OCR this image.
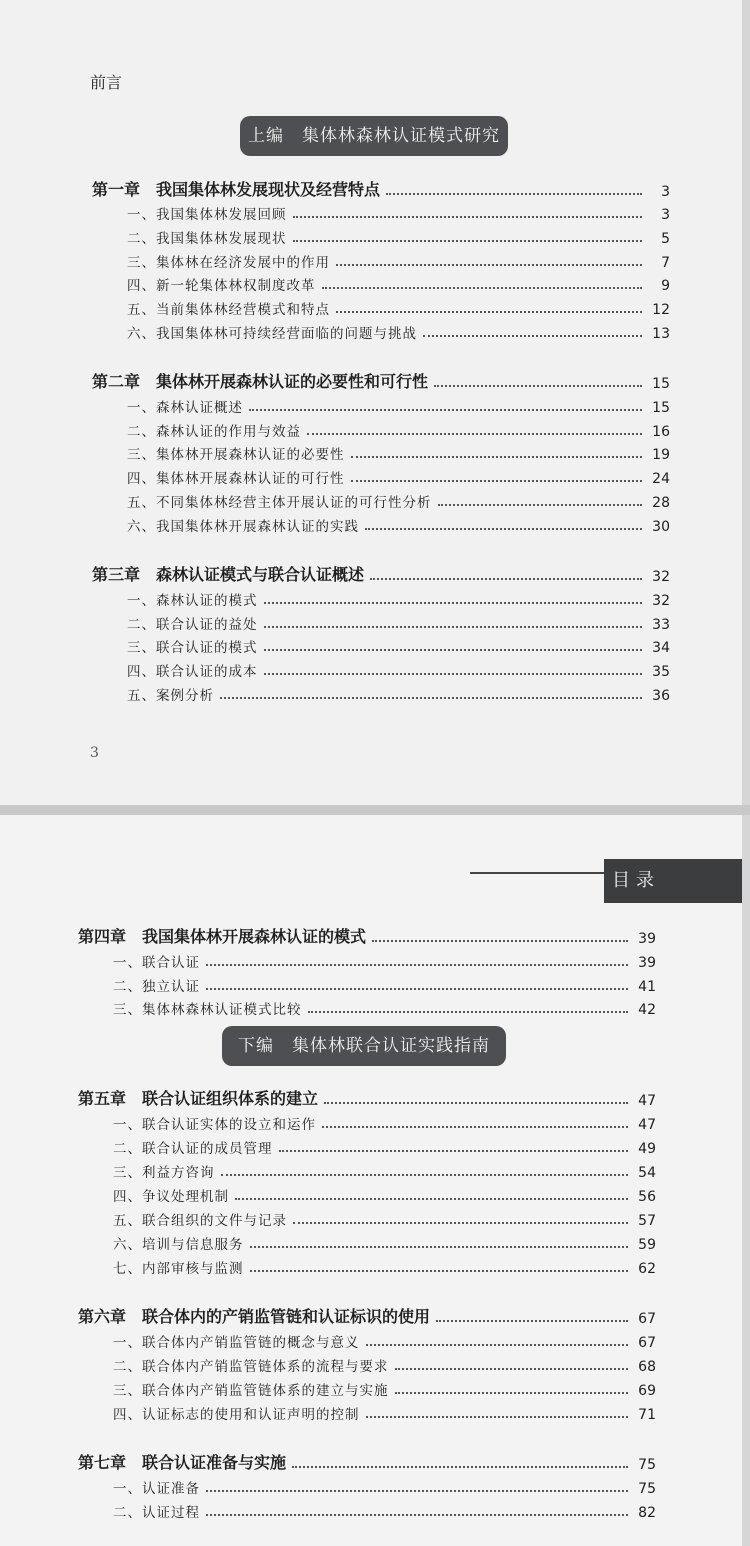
前言
上编 集体林森林认证模式研究
第一章　我国集体林发展现状及经营特点	3
一、我国集体林发展回顾	3
二、我国集体林发展现状	5
三、集体林在经济发展中的作用	7
四、新一轮集体林权制度改革	9
五、当前集体林经营模式和特点	12
六、我国集体林可持续经营面临的问题与挑战	13
第二章　集体林开展森林认证的必要性和可行性	15
一、森林认证概述	15
二、森林认证的作用与效益	16
三、集体林开展森林认证的必要性	19
四、集体林开展森林认证的可行性	24
五、不同集体林经营主体开展认证的可行性分析	28
六、我国集体林开展森林认证的实践	30
第三章　森林认证模式与联合认证概述	32
一、森林认证的模式	32
二、联合认证的益处	33
三、联合认证的模式	34
四、联合认证的成本	35
五、案例分析	36
3
目录
第四章　我国集体林开展森林认证的模式	39
一、联合认证	39
二、独立认证	41
三、集体林森林认证模式比较	42
下编 集体林联合认证实践指南
第五章　联合认证组织体系的建立	47
一、联合认证实体的设立和运作	47
二、联合认证的成员管理	49
三、利益方咨询	54
四、争议处理机制	56
五、联合组织的文件与记录	57
六、培训与信息服务	59
七、内部审核与监测	62
第六章　联合体内的产销监管链和认证标识的使用	67
一、联合体内产销监管链的概念与意义	67
二、联合体内产销监管链体系的流程与要求	68
三、联合体内产销监管链体系的建立与实施	69
四、认证标志的使用和认证声明的控制	71
第七章　联合认证准备与实施	75
一、认证准备	75
二、认证过程	82
